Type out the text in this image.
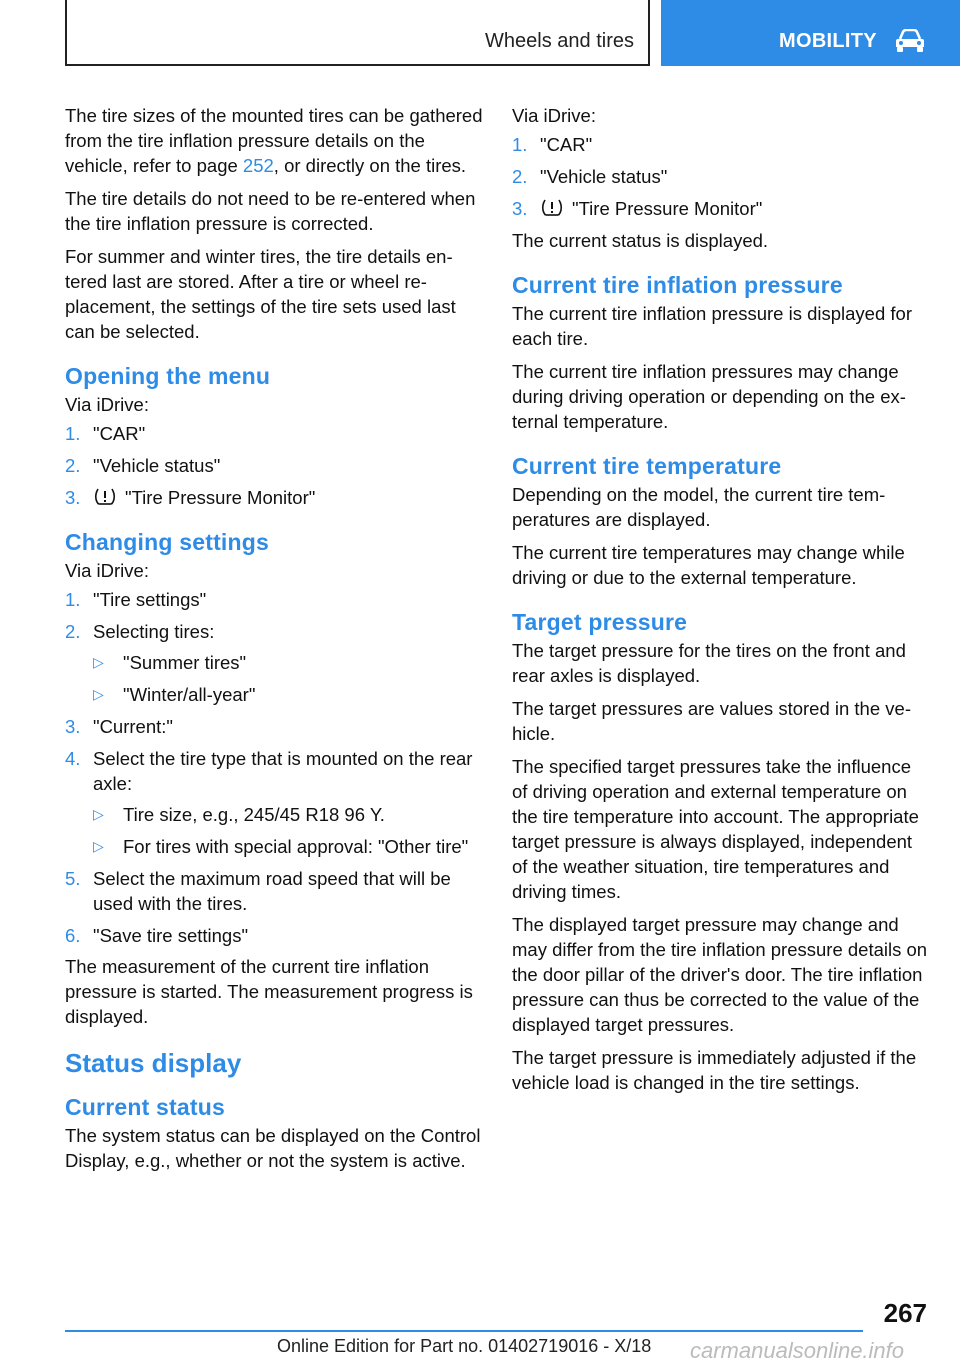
Wheels and tires	MOBILITY

The tire sizes of the mounted tires can be gathered from the tire inflation pressure details on the vehicle, refer to page 252, or directly on the tires.

The tire details do not need to be re‑entered when the tire inflation pressure is corrected.

For summer and winter tires, the tire details entered last are stored. After a tire or wheel replacement, the settings of the tire sets used last can be selected.

Opening the menu

Via iDrive:

1. "CAR"
2. "Vehicle status"
3. "Tire Pressure Monitor"
Changing settings

Via iDrive:

1. "Tire settings"
2. Selecting tires:
▷ "Summer tires"
▷ "Winter/all-year"
3. "Current:"
4. Select the tire type that is mounted on the rear axle:
▷ Tire size, e.g., 245/45 R18 96 Y.
▷ For tires with special approval: "Other tire"
5. Select the maximum road speed that will be used with the tires.
6. "Save tire settings"

The measurement of the current tire inflation pressure is started. The measurement progress is displayed.

Status display
Current status

The system status can be displayed on the Control Display, e.g., whether or not the system is active.

Via iDrive:

1. "CAR"
2. "Vehicle status"
3. "Tire Pressure Monitor"

The current status is displayed.

Current tire inflation pressure

The current tire inflation pressure is displayed for each tire.

The current tire inflation pressures may change during driving operation or depending on the external temperature.

Current tire temperature

Depending on the model, the current tire temperatures are displayed.

The current tire temperatures may change while driving or due to the external temperature.

Target pressure

The target pressure for the tires on the front and rear axles is displayed.

The target pressures are values stored in the vehicle.

The specified target pressures take the influence of driving operation and external temperature on the tire temperature into account. The appropriate target pressure is always displayed, independent of the weather situation, tire temperatures and driving times.

The displayed target pressure may change and may differ from the tire inflation pressure details on the door pillar of the driver's door. The tire inflation pressure can thus be corrected to the value of the displayed target pressures.

The target pressure is immediately adjusted if the vehicle load is changed in the tire settings.

267
Online Edition for Part no. 01402719016 - X/18 carmanualsonline.info
